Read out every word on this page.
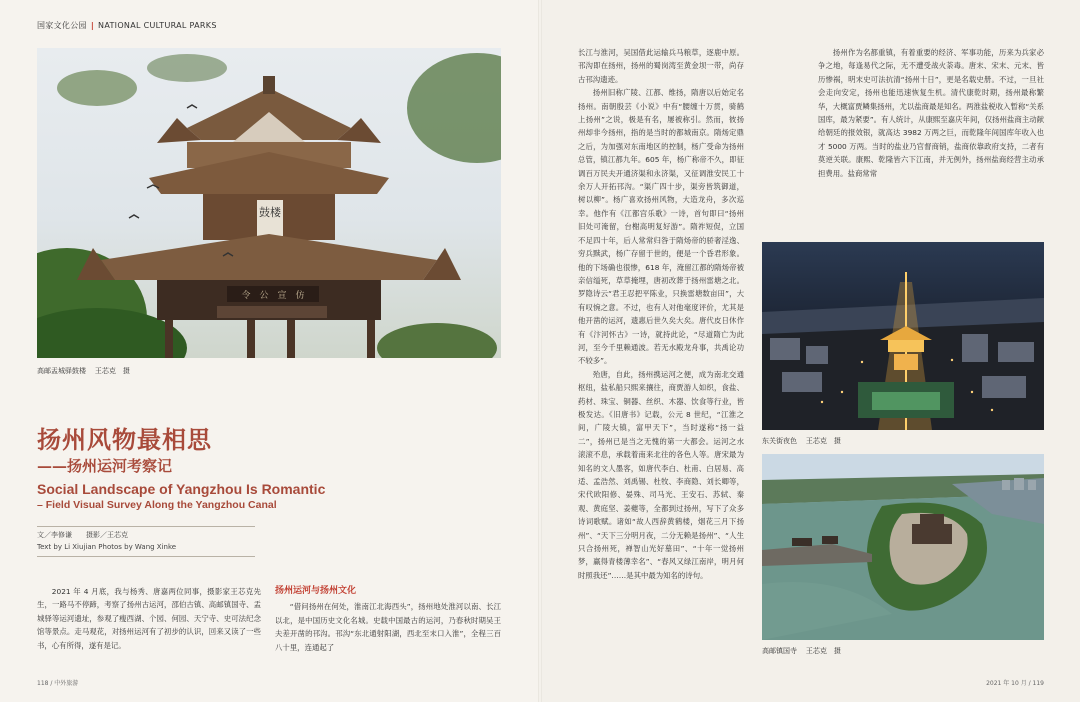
国家文化公园 | NATIONAL CULTURAL PARKS
鼓楼
令　公　宣　仿
高邮盂城驿鼓楼 王芯克　摄
扬州风物最相思
——扬州运河考察记
Social Landscape of Yangzhou Is Romantic
– Field Visual Survey Along the Yangzhou Canal
文／李修谦　　摄影／王芯克
Text by Li Xiujian Photos by Wang Xinke

2021 年 4 月底，我与杨秀、唐嘉两位同事，摄影家王芯克先生，一路马不停蹄，考察了扬州古运河，邵伯古镇、高邮镇国寺、盂城驿等运河遗址，参观了瘦西湖、个园、何园、天宁寺、史可法纪念馆等景点。走马观花，对扬州运河有了初步的认识，回来又读了一些书，心有所得，遂有是记。

扬州运河与扬州文化

“借问扬州在何处，淮南江北海西头”，扬州地处淮河以南、长江以北，是中国历史文化名城。史载中国最古的运河，乃春秋时期吴王夫差开凿的邗沟。邗沟“东北通射阳湖，西北至末口入淮”，全程三百八十里，连通起了

长江与淮河，吴国借此运输兵马粮草，逐鹿中原。邗沟即在扬州，扬州的蜀岗湾至黄金坝一带，尚存古邗沟遗迹。

扬州旧称广陵、江都、维扬，隋唐以后始定名扬州。南朝殷芸《小说》中有“腰缠十万贯，骑鹤上扬州”之说，极是有名，屡被称引。然而，彼扬州却非今扬州，指的是当时的都城南京。隋炀定鼎之后，为加强对东南地区的控制，杨广受命为扬州总管，镇江都九年。605 年，杨广称帝不久，即征调百万民夫开通济渠和永济渠，又征调淮安民工十余万人开拓邗沟。“渠广四十步，渠旁皆筑御道，树以柳”。杨广喜欢扬州风物，大造龙舟，多次巡幸。他作有《江都宫乐歌》一诗，首句即曰“扬州旧处可淹留，台榭高明复好游”。隋祚短促，立国不足四十年，后人常常归咎于隋炀帝的骄奢淫逸、穷兵黩武，杨广存留于世的，便是一个昏君形象。他的下场确也很惨，618 年，淹留江都的隋炀帝被亲信缢死，草草掩埋，唐初改葬于扬州雷塘之北。罗隐诗云“君王忍把平陈业，只换雷塘数亩田”，大有叹惋之意。不过，也有人对他毫度评价，尤其是他开凿的运河，遗惠后世久矣大矣。唐代皮日休作有《汴河怀古》一诗，就持此论，“尽道隋亡为此河，至今千里赖通波。若无水殿龙舟事，共禹论功不较多”。

殆唐，自此，扬州携运河之便，成为南北交通枢纽，盐私船只熙来攘往，商贾游人如织，食盐、药材、珠宝、铜器、丝织、木器、饮食等行业，皆极发达。《旧唐书》记载，公元 8 世纪，“江淮之间，广陵大镇，富甲天下”，当时遂称“扬一益二”，扬州已是当之无愧的第一大都会。运河之水滚滚不息，承载着南来北往的各色人等。唐宋最为知名的文人墨客，如唐代李白、杜甫、白居易、高适、孟浩然、刘禹锡、杜牧、李商隐、刘长卿等，宋代欧阳修、晏殊、司马光、王安石、苏轼、秦观、黄庭坚、姜夔等，全都到过扬州，写下了众多诗词歌赋。诸如“故人西辞黄鹤楼，烟花三月下扬州”、“天下三分明月夜，二分无赖是扬州”、“人生只合扬州死，禅智山光好墓田”、“十年一觉扬州梦，赢得青楼薄幸名”、“春风又绿江南岸，明月何时照我还”……是其中最为知名的诗句。

扬州作为名都重镇，有着重要的经济、军事功能，历来为兵家必争之地，每逢易代之际，无不遭受战火荼毒。唐末、宋末、元末、皆历惨祸，明末史可法抗清“扬州十日”，更是名载史册。不过，一旦社会走向安定，扬州也能迅速恢复生机。清代康乾时期，扬州最称繁华，大概富贾鳞集扬州，尤以盐商最是知名。两淮盐税收入暂称“关系国库，最为紧要”。有人统计，从康熙至嘉庆年间，仅扬州盐商主动献给朝廷的报效银，就高达 3982 万两之巨，而乾隆年间国库年收入也才 5000 万两。当时的盐业乃官督商销，盐商依靠政府支持，二者有莫逆关联。康熙、乾隆皆六下江南，并无例外，扬州盐商经营主动承担费用。盐商常常

东关街夜色 王芯克　摄
高邮镇国寺 王芯克　摄
118 / 中外旅游	2021 年 10 月 / 119
